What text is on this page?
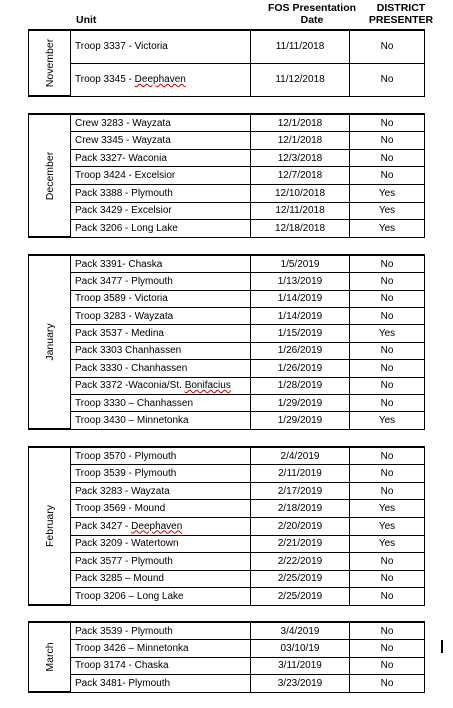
Unit
FOS Presentation Date
DISTRICT PRESENTER
November	Troop 3337 - Victoria	11/11/2018	No
	Troop 3345 - Deephaven	11/12/2018	No
December	Crew 3283 - Wayzata	12/1/2018	No
	Crew 3345 - Wayzata	12/1/2018	No
	Pack 3327- Waconia	12/3/2018	No
	Troop 3424 - Excelsior	12/7/2018	No
	Pack 3388 - Plymouth	12/10/2018	Yes
	Pack 3429 - Excelsior	12/11/2018	Yes
	Pack 3206 - Long Lake	12/18/2018	Yes
January	Pack 3391- Chaska	1/5/2019	No
	Pack 3477 - Plymouth	1/13/2019	No
	Troop 3589 - Victoria	1/14/2019	No
	Troop 3283 - Wayzata	1/14/2019	No
	Pack 3537 - Medina	1/15/2019	Yes
	Pack 3303 Chanhassen	1/26/2019	No
	Pack 3330 - Chanhassen	1/26/2019	No
	Pack 3372 -Waconia/St. Bonifacius	1/28/2019	No
	Troop 3330 – Chanhassen	1/29/2019	No
	Troop 3430 – Minnetonka	1/29/2019	Yes
February	Troop 3570 - Plymouth	2/4/2019	No
	Troop 3539 - Plymouth	2/11/2019	No
	Pack 3283 - Wayzata	2/17/2019	No
	Troop 3569 - Mound	2/18/2019	Yes
	Pack 3427 - Deephaven	2/20/2019	Yes
	Pack 3209 - Watertown	2/21/2019	Yes
	Pack 3577 - Plymouth	2/22/2019	No
	Pack 3285 – Mound	2/25/2019	No
	Troop 3206 – Long Lake	2/25/2019	No
March	Pack 3539 - Plymouth	3/4/2019	No
	Troop 3426 – Minnetonka	03/10/19	No
	Troop 3174 - Chaska	3/11/2019	No
	Pack 3481- Plymouth	3/23/2019	No
